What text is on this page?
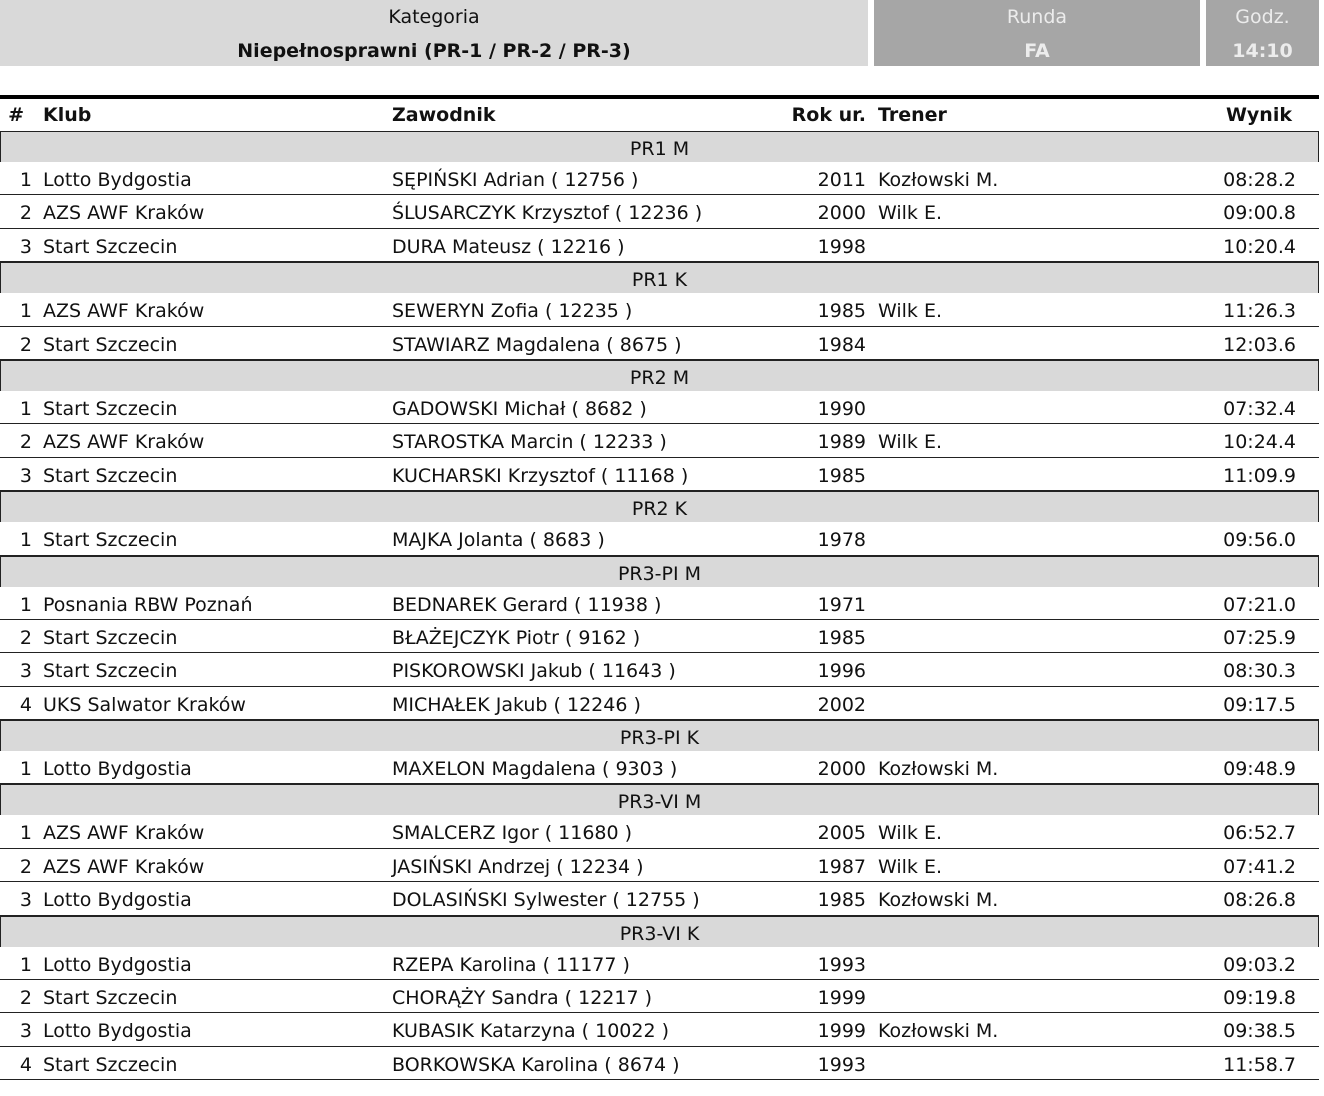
Kategoria
Niepełnosprawni (PR-1 / PR-2 / PR-3)
Runda
FA
Godz.
14:10
# Klub	Zawodnik	Rok ur. Trener	Wynik
PR1 M
1 Lotto Bydgostia	SĘPIŃSKI Adrian ( 12756 )	2011 Kozłowski M.	08:28.2
2 AZS AWF Kraków	ŚLUSARCZYK Krzysztof ( 12236 )	2000 Wilk E.	09:00.8
3 Start Szczecin	DURA Mateusz ( 12216 )	1998	10:20.4
PR1 K
1 AZS AWF Kraków	SEWERYN Zofia ( 12235 )	1985 Wilk E.	11:26.3
2 Start Szczecin	STAWIARZ Magdalena ( 8675 )	1984	12:03.6
PR2 M
1 Start Szczecin	GADOWSKI Michał ( 8682 )	1990	07:32.4
2 AZS AWF Kraków	STAROSTKA Marcin ( 12233 )	1989 Wilk E.	10:24.4
3 Start Szczecin	KUCHARSKI Krzysztof ( 11168 )	1985	11:09.9
PR2 K
1 Start Szczecin	MAJKA Jolanta ( 8683 )	1978	09:56.0
PR3-PI M
1 Posnania RBW Poznań	BEDNAREK Gerard ( 11938 )	1971	07:21.0
2 Start Szczecin	BŁAŻEJCZYK Piotr ( 9162 )	1985	07:25.9
3 Start Szczecin	PISKOROWSKI Jakub ( 11643 )	1996	08:30.3
4 UKS Salwator Kraków	MICHAŁEK Jakub ( 12246 )	2002	09:17.5
PR3-PI K
1 Lotto Bydgostia	MAXELON Magdalena ( 9303 )	2000 Kozłowski M.	09:48.9
PR3-VI M
1 AZS AWF Kraków	SMALCERZ Igor ( 11680 )	2005 Wilk E.	06:52.7
2 AZS AWF Kraków	JASIŃSKI Andrzej ( 12234 )	1987 Wilk E.	07:41.2
3 Lotto Bydgostia	DOLASIŃSKI Sylwester ( 12755 )	1985 Kozłowski M.	08:26.8
PR3-VI K
1 Lotto Bydgostia	RZEPA Karolina ( 11177 )	1993	09:03.2
2 Start Szczecin	CHORĄŻY Sandra ( 12217 )	1999	09:19.8
3 Lotto Bydgostia	KUBASIK Katarzyna ( 10022 )	1999 Kozłowski M.	09:38.5
4 Start Szczecin	BORKOWSKA Karolina ( 8674 )	1993	11:58.7
